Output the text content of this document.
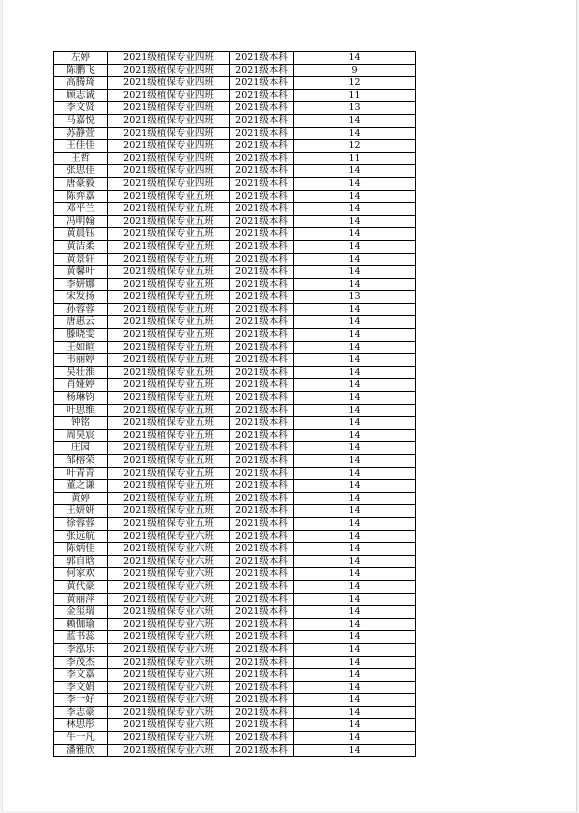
左婷	2021级植保专业四班	2021级本科	14
陈鹏飞	2021级植保专业四班	2021级本科	9
高腾琦	2021级植保专业四班	2021级本科	12
顾志诚	2021级植保专业四班	2021级本科	11
李文贤	2021级植保专业四班	2021级本科	13
马嘉悦	2021级植保专业四班	2021级本科	14
苏静萱	2021级植保专业四班	2021级本科	14
王佳佳	2021级植保专业四班	2021级本科	12
王哲	2021级植保专业四班	2021级本科	11
张思佳	2021级植保专业四班	2021级本科	14
唐豪毅	2021级植保专业四班	2021级本科	14
陈弈嘉	2021级植保专业五班	2021级本科	14
邓平兰	2021级植保专业五班	2021级本科	14
冯明翰	2021级植保专业五班	2021级本科	14
黄晨钰	2021级植保专业五班	2021级本科	14
黄洁柔	2021级植保专业五班	2021级本科	14
黄景轩	2021级植保专业五班	2021级本科	14
黄馨叶	2021级植保专业五班	2021级本科	14
李妍娜	2021级植保专业五班	2021级本科	14
宋发扬	2021级植保专业五班	2021级本科	13
孙蓉蓉	2021级植保专业五班	2021级本科	14
唐惠云	2021级植保专业五班	2021级本科	14
滕晓雯	2021级植保专业五班	2021级本科	14
王如暄	2021级植保专业五班	2021级本科	14
韦丽婷	2021级植保专业五班	2021级本科	14
吴壮淮	2021级植保专业五班	2021级本科	14
肖娅婷	2021级植保专业五班	2021级本科	14
杨琳钧	2021级植保专业五班	2021级本科	14
叶思维	2021级植保专业五班	2021级本科	14
钟铭	2021级植保专业五班	2021级本科	14
周昊宸	2021级植保专业五班	2021级本科	14
庄园	2021级植保专业五班	2021级本科	14
邹榕荣	2021级植保专业五班	2021级本科	14
叶青青	2021级植保专业五班	2021级本科	14
董之谦	2021级植保专业五班	2021级本科	14
黄婷	2021级植保专业五班	2021级本科	14
王妍妍	2021级植保专业五班	2021级本科	14
徐蓉蓉	2021级植保专业五班	2021级本科	14
张远航	2021级植保专业六班	2021级本科	14
陈炳佳	2021级植保专业六班	2021级本科	14
郭自晗	2021级植保专业六班	2021级本科	14
何家欢	2021级植保专业六班	2021级本科	14
黄代豪	2021级植保专业六班	2021级本科	14
黄丽萍	2021级植保专业六班	2021级本科	14
金玺瑞	2021级植保专业六班	2021级本科	14
赖伽瑜	2021级植保专业六班	2021级本科	14
蓝书蕊	2021级植保专业六班	2021级本科	14
李泓乐	2021级植保专业六班	2021级本科	14
李茂杰	2021级植保专业六班	2021级本科	14
李文嘉	2021级植保专业六班	2021级本科	14
李文娟	2021级植保专业六班	2021级本科	14
李一好	2021级植保专业六班	2021级本科	14
李志豪	2021级植保专业六班	2021级本科	14
林思彤	2021级植保专业六班	2021级本科	14
牛一凡	2021级植保专业六班	2021级本科	14
潘雅欣	2021级植保专业六班	2021级本科	14
